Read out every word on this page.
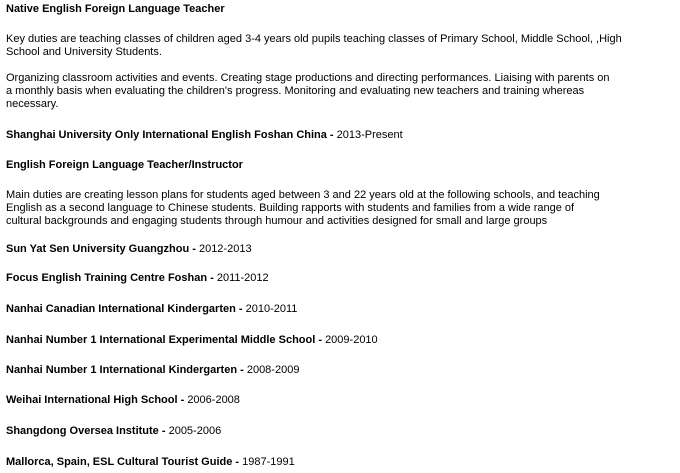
Native English Foreign Language Teacher
Key duties are teaching classes of children aged 3-4 years old pupils teaching classes of Primary School, Middle School, ,High
School and University Students.
Organizing classroom activities and events. Creating stage productions and directing performances. Liaising with parents on
a monthly basis when evaluating the children's progress. Monitoring and evaluating new teachers and training whereas
necessary.
Shanghai University Only International English Foshan China - 2013-Present
English Foreign Language Teacher/Instructor
Main duties are creating lesson plans for students aged between 3 and 22 years old at the following schools, and teaching
English as a second language to Chinese students. Building rapports with students and families from a wide range of
cultural backgrounds and engaging students through humour and activities designed for small and large groups
Sun Yat Sen University Guangzhou - 2012-2013
Focus English Training Centre Foshan - 2011-2012
Nanhai Canadian International Kindergarten - 2010-2011
Nanhai Number 1 International Experimental Middle School - 2009-2010
Nanhai Number 1 International Kindergarten - 2008-2009
Weihai International High School - 2006-2008
Shangdong Oversea Institute - 2005-2006
Mallorca, Spain, ESL Cultural Tourist Guide - 1987-1991
